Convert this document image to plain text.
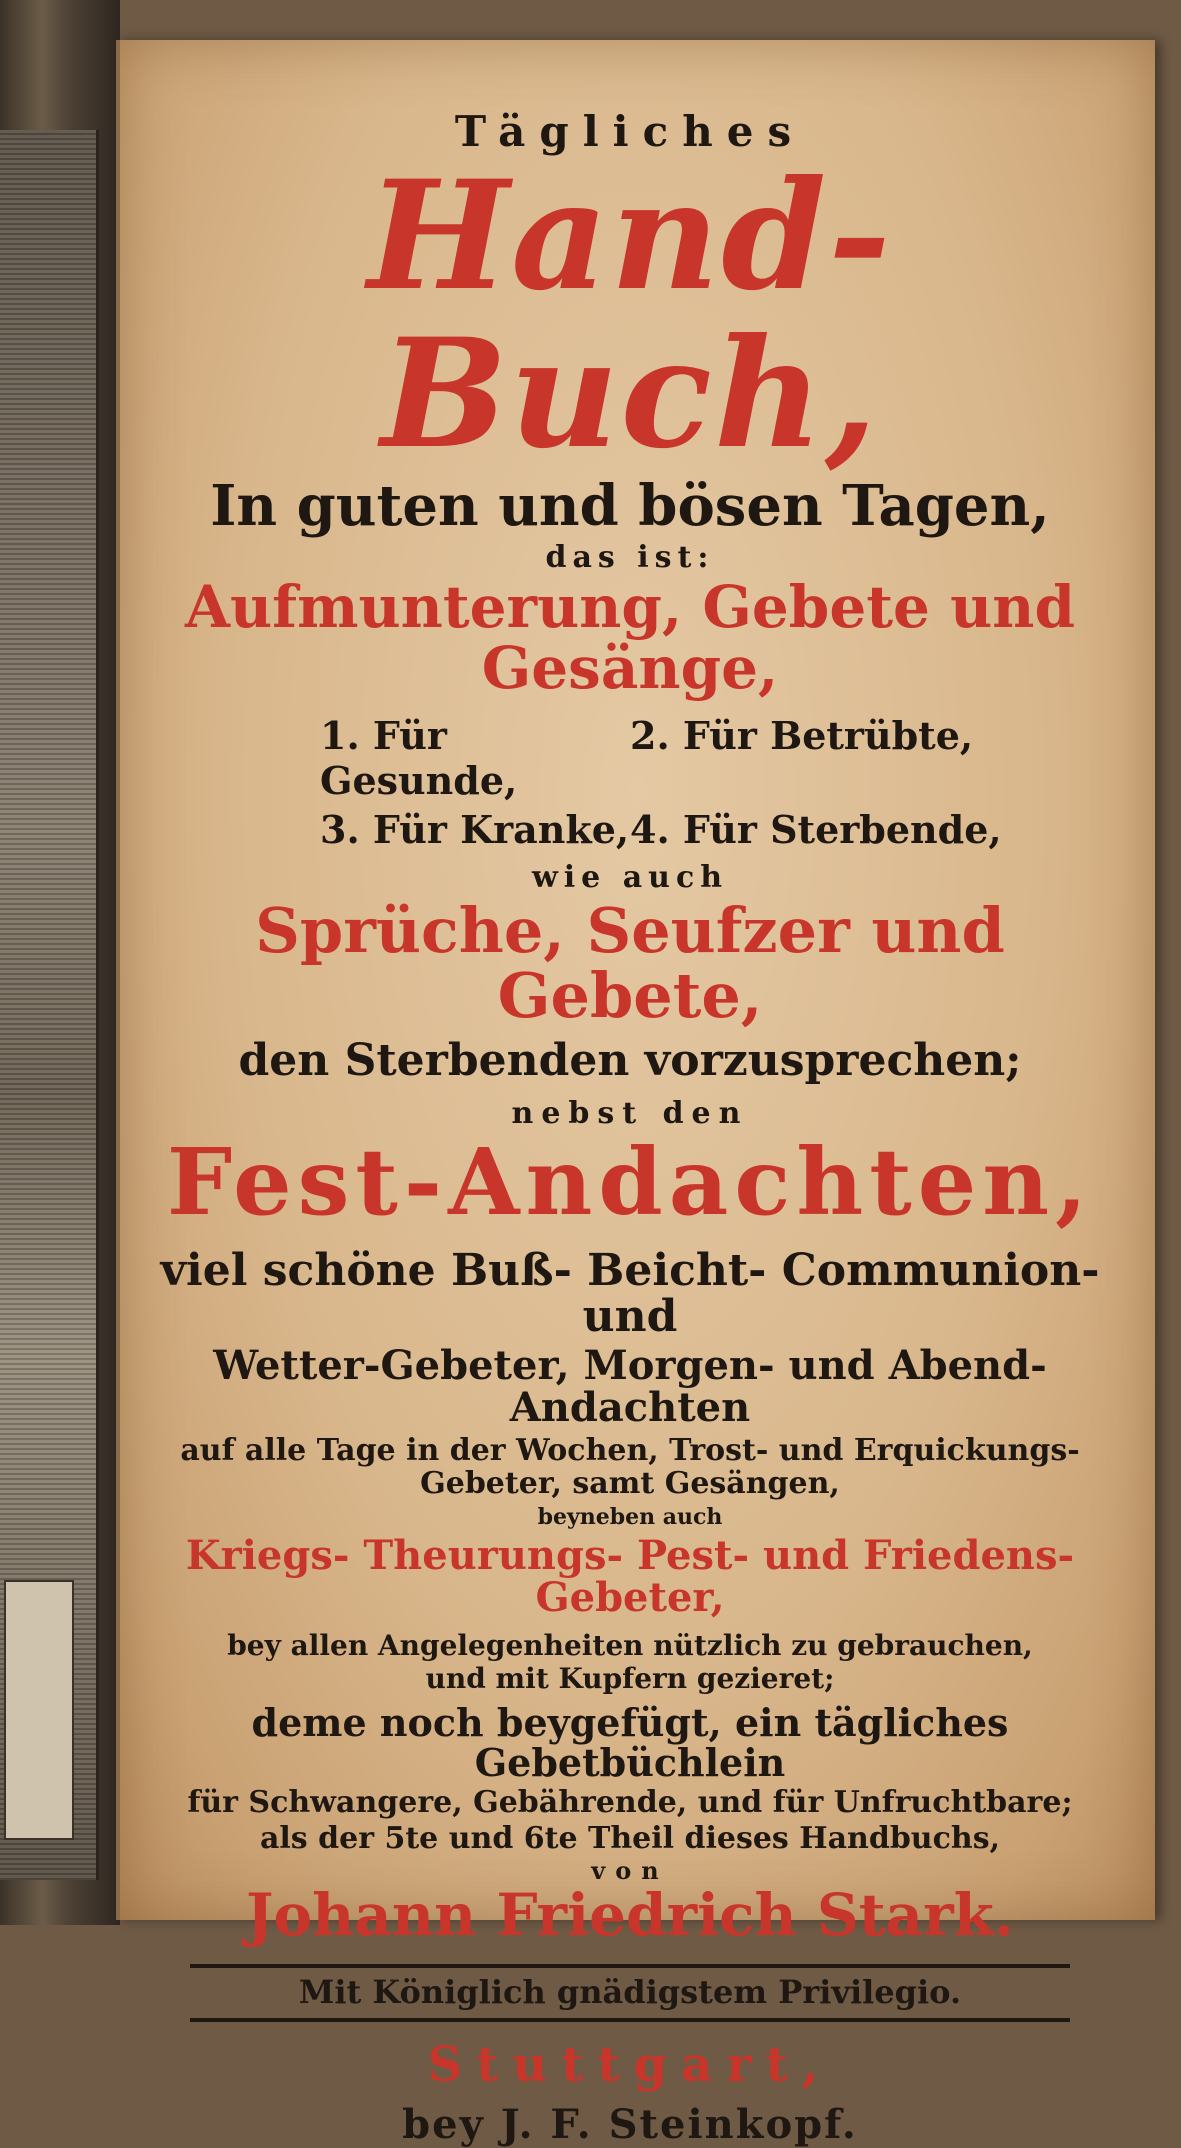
Tägliches
Hand-Buch,
In guten und bösen Tagen,
das ist:
Aufmunterung, Gebete und Gesänge,
1. Für Gesunde,
2. Für Betrübte,
3. Für Kranke, 4. Für Sterbende,
wie auch
Sprüche, Seufzer und Gebete,
den Sterbenden vorzusprechen;
nebst den
Fest-Andachten,
viel schöne Buß- Beicht- Communion- und
Wetter-Gebeter, Morgen- und Abend-Andachten
auf alle Tage in der Wochen, Trost- und Erquickungs-
Gebeter, samt Gesängen,
beyneben auch
Kriegs- Theurungs- Pest- und Friedens- Gebeter,
bey allen Angelegenheiten nützlich zu gebrauchen,
und mit Kupfern gezieret;
deme noch beygefügt, ein tägliches Gebetbüchlein
für Schwangere, Gebährende, und für Unfruchtbare;
als der 5te und 6te Theil dieses Handbuchs,
von
Johann Friedrich Stark.
Mit Königlich gnädigstem Privilegio.
Stuttgart,
bey J. F. Steinkopf.
